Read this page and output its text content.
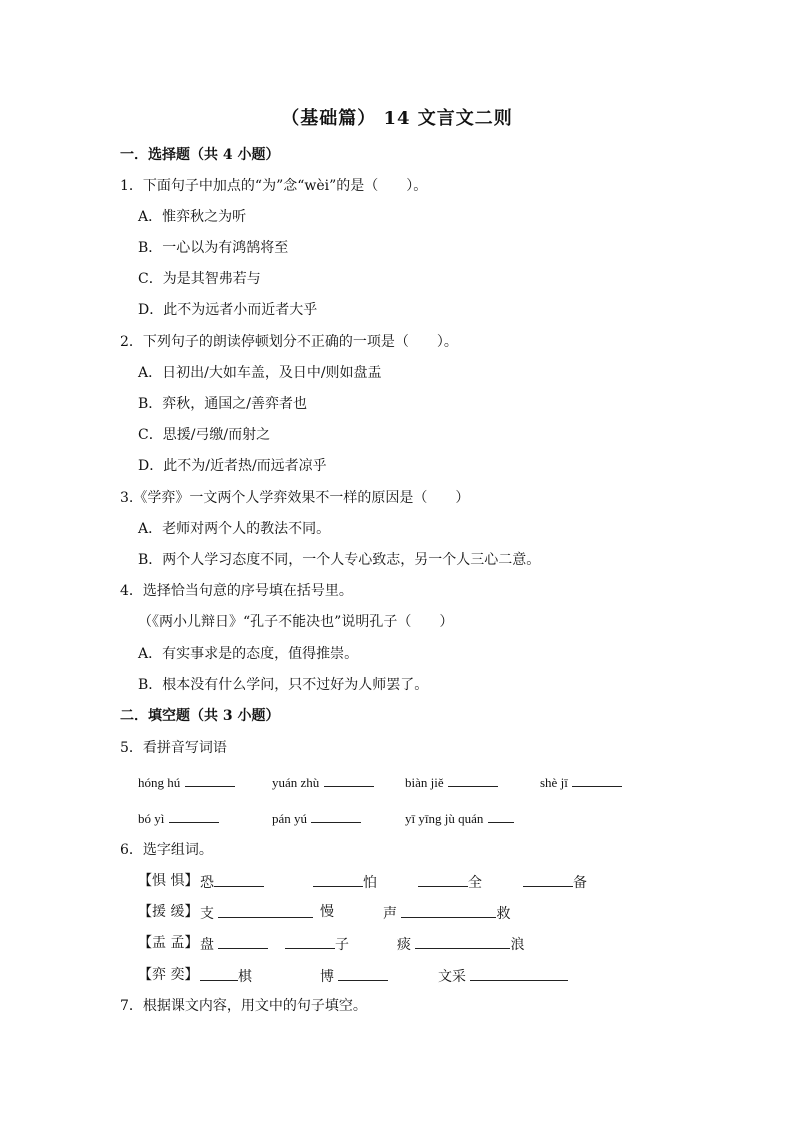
（基础篇） 14 文言文二则
一．选择题（共 4 小题）
1．下面句子中加点的“为”念“wèi”的是（　　）。
A．惟弈秋之为听
B．一心以为有鸿鹄将至
C．为是其智弗若与
D．此不为远者小而近者大乎
2．下列句子的朗读停顿划分不正确的一项是（　　）。
A．日初出/大如车盖，及日中/则如盘盂
B．弈秋，通国之/善弈者也
C．思援/弓缴/而射之
D．此不为/近者热/而远者凉乎
3.《学弈》一文两个人学弈效果不一样的原因是（　　）
A．老师对两个人的教法不同。
B．两个人学习态度不同，一个人专心致志，另一个人三心二意。
4．选择恰当句意的序号填在括号里。
（《两小儿辩日》“孔子不能决也”说明孔子（　　）
A．有实事求是的态度，值得推崇。
B．根本没有什么学问，只不过好为人师罢了。
二．填空题（共 3 小题）
5．看拼音写词语
hóng hú	yuán zhù	biàn jiě	shè jī
bó yì	pán yú	yī yīng jù quán
6．选字组词。
【惧 惧】 恐	怕	全	备
【援 缓】 支	慢	声	救
【盂 孟】 盘	子	痰	浪
【弈 奕】	棋	博	文采
7．根据课文内容，用文中的句子填空。
